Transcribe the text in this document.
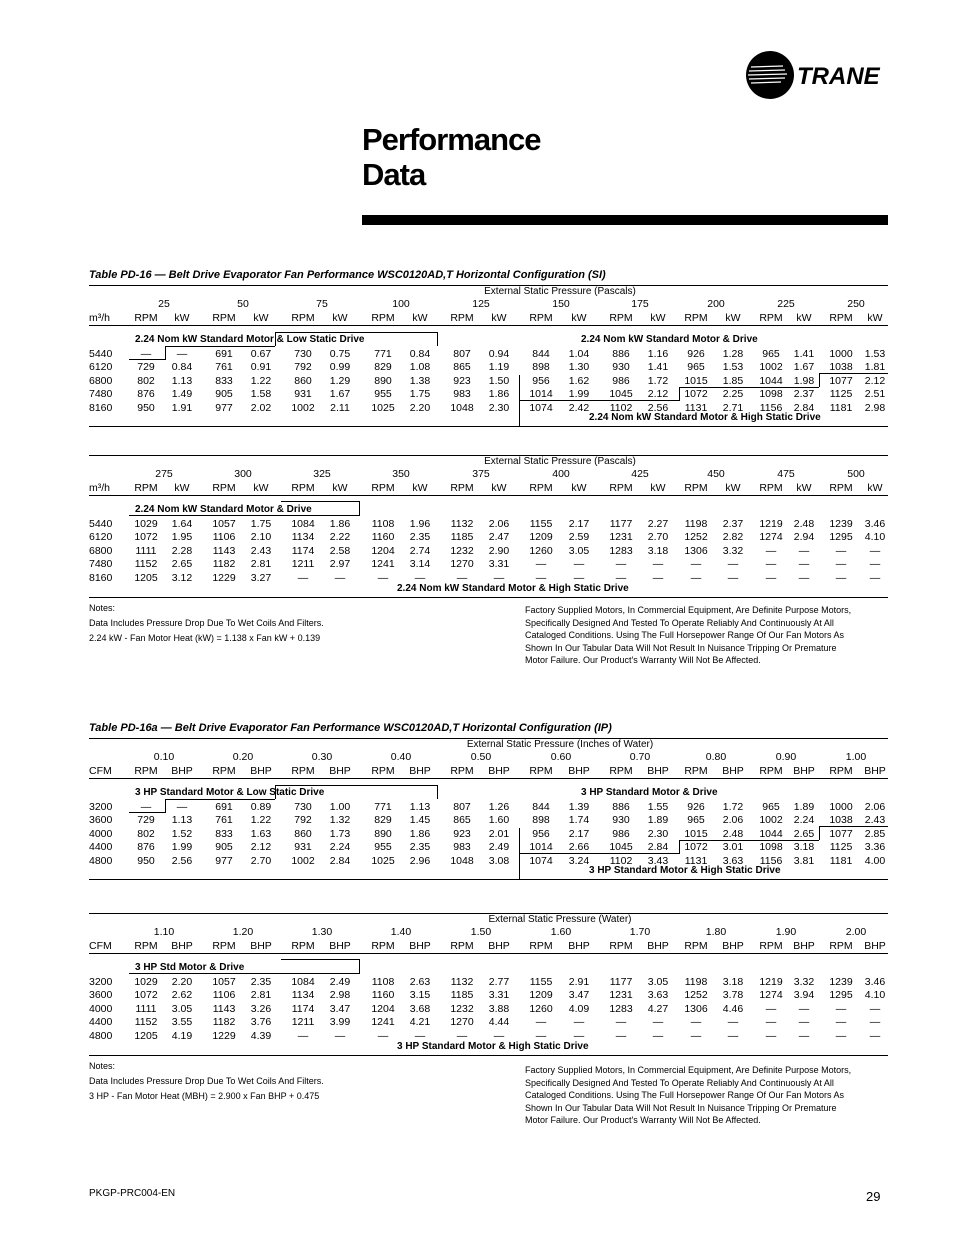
TRANE
Performance
Data
Table PD-16 — Belt Drive Evaporator Fan Performance WSC0120AD,T Horizontal Configuration (SI)
External Static Pressure (Pascals)
25	50	75	100	125	150	175	200	225	250
m³/h	RPM	kW	RPM	kW	RPM	kW	RPM	kW	RPM	kW	RPM	kW	RPM	kW	RPM	kW	RPM	kW	RPM	kW
5440	—	—	691	0.67	730	0.75	771	0.84	807	0.94	844	1.04	886	1.16	926	1.28	965	1.41	1000	1.53
6120	729	0.84	761	0.91	792	0.99	829	1.08	865	1.19	898	1.30	930	1.41	965	1.53	1002	1.67	1038	1.81
6800	802	1.13	833	1.22	860	1.29	890	1.38	923	1.50	956	1.62	986	1.72	1015	1.85	1044	1.98	1077	2.12
7480	876	1.49	905	1.58	931	1.67	955	1.75	983	1.86	1014	1.99	1045	2.12	1072	2.25	1098	2.37	1125	2.51
8160	950	1.91	977	2.02	1002	2.11	1025	2.20	1048	2.30	1074	2.42	1102	2.56	1131	2.71	1156	2.84	1181	2.98
2.24 Nom kW Standard Motor & Low Static Drive	2.24 Nom kW Standard Motor & Drive
2.24 Nom kW Standard Motor & High Static Drive
External Static Pressure (Pascals)
275	300	325	350	375	400	425	450	475	500
m³/h	RPM	kW	RPM	kW	RPM	kW	RPM	kW	RPM	kW	RPM	kW	RPM	kW	RPM	kW	RPM	kW	RPM	kW
5440	1029	1.64	1057	1.75	1084	1.86	1108	1.96	1132	2.06	1155	2.17	1177	2.27	1198	2.37	1219	2.48	1239	3.46
6120	1072	1.95	1106	2.10	1134	2.22	1160	2.35	1185	2.47	1209	2.59	1231	2.70	1252	2.82	1274	2.94	1295	4.10
6800	1111	2.28	1143	2.43	1174	2.58	1204	2.74	1232	2.90	1260	3.05	1283	3.18	1306	3.32	—	—	—	—
7480	1152	2.65	1182	2.81	1211	2.97	1241	3.14	1270	3.31	—	—	—	—	—	—	—	—	—	—
8160	1205	3.12	1229	3.27	—	—	—	—	—	—	—	—	—	—	—	—	—	—	—	—
2.24 Nom kW Standard Motor & Drive
2.24 Nom kW Standard Motor & High Static Drive
Notes:
Data Includes Pressure Drop Due To Wet Coils And Filters.
2.24 kW - Fan Motor Heat (kW) = 1.138 x Fan kW + 0.139
Factory Supplied Motors, In Commercial Equipment, Are Definite Purpose Motors, Specifically Designed And Tested To Operate Reliably And Continuously At All Cataloged Conditions. Using The Full Horsepower Range Of Our Fan Motors As Shown In Our Tabular Data Will Not Result In Nuisance Tripping Or Premature Motor Failure. Our Product's Warranty Will Not Be Affected.
Table PD-16a — Belt Drive Evaporator Fan Performance WSC0120AD,T Horizontal Configuration (IP)
External Static Pressure (Inches of Water)
0.10	0.20	0.30	0.40	0.50	0.60	0.70	0.80	0.90	1.00
CFM	RPM	BHP	RPM	BHP	RPM	BHP	RPM	BHP	RPM	BHP	RPM	BHP	RPM	BHP	RPM	BHP	RPM	BHP	RPM	BHP
3200	—	—	691	0.89	730	1.00	771	1.13	807	1.26	844	1.39	886	1.55	926	1.72	965	1.89	1000	2.06
3600	729	1.13	761	1.22	792	1.32	829	1.45	865	1.60	898	1.74	930	1.89	965	2.06	1002	2.24	1038	2.43
4000	802	1.52	833	1.63	860	1.73	890	1.86	923	2.01	956	2.17	986	2.30	1015	2.48	1044	2.65	1077	2.85
4400	876	1.99	905	2.12	931	2.24	955	2.35	983	2.49	1014	2.66	1045	2.84	1072	3.01	1098	3.18	1125	3.36
4800	950	2.56	977	2.70	1002	2.84	1025	2.96	1048	3.08	1074	3.24	1102	3.43	1131	3.63	1156	3.81	1181	4.00
3 HP Standard Motor & Low Static Drive	3 HP Standard Motor & Drive
3 HP Standard Motor & High Static Drive
External Static Pressure (Water)
1.10	1.20	1.30	1.40	1.50	1.60	1.70	1.80	1.90	2.00
CFM	RPM	BHP	RPM	BHP	RPM	BHP	RPM	BHP	RPM	BHP	RPM	BHP	RPM	BHP	RPM	BHP	RPM	BHP	RPM	BHP
3200	1029	2.20	1057	2.35	1084	2.49	1108	2.63	1132	2.77	1155	2.91	1177	3.05	1198	3.18	1219	3.32	1239	3.46
3600	1072	2.62	1106	2.81	1134	2.98	1160	3.15	1185	3.31	1209	3.47	1231	3.63	1252	3.78	1274	3.94	1295	4.10
4000	1111	3.05	1143	3.26	1174	3.47	1204	3.68	1232	3.88	1260	4.09	1283	4.27	1306	4.46	—	—	—	—
4400	1152	3.55	1182	3.76	1211	3.99	1241	4.21	1270	4.44	—	—	—	—	—	—	—	—	—	—
4800	1205	4.19	1229	4.39	—	—	—	—	—	—	—	—	—	—	—	—	—	—	—	—
3 HP Std Motor & Drive
3 HP Standard Motor & High Static Drive
Notes:
Data Includes Pressure Drop Due To Wet Coils And Filters.
3 HP - Fan Motor Heat (MBH) = 2.900 x Fan BHP + 0.475
Factory Supplied Motors, In Commercial Equipment, Are Definite Purpose Motors, Specifically Designed And Tested To Operate Reliably And Continuously At All Cataloged Conditions. Using The Full Horsepower Range Of Our Fan Motors As Shown In Our Tabular Data Will Not Result In Nuisance Tripping Or Premature Motor Failure. Our Product's Warranty Will Not Be Affected.
PKGP-PRC004-EN	29
